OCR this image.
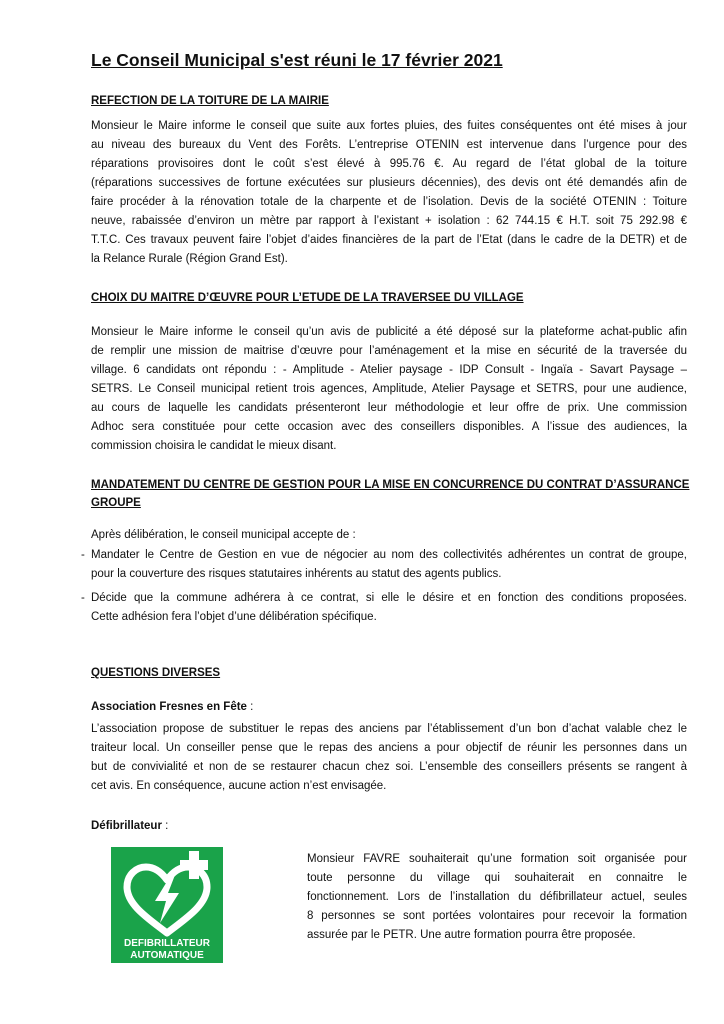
Le Conseil Municipal s'est réuni le 17 février 2021
REFECTION DE LA TOITURE DE LA MAIRIE
Monsieur le Maire informe le conseil que suite aux fortes pluies, des fuites conséquentes ont été mises à jour
au niveau des bureaux du Vent des Forêts. L’entreprise OTENIN est intervenue dans l’urgence pour des
réparations provisoires dont le coût s’est élevé à 995.76 €. Au regard de l’état global de la toiture
(réparations successives de fortune exécutées sur plusieurs décennies), des devis ont été demandés afin de
faire procéder à la rénovation totale de la charpente et de l’isolation. Devis de la société OTENIN : Toiture
neuve, rabaissée d’environ un mètre par rapport à l’existant + isolation : 62 744.15 € H.T. soit 75 292.98 €
T.T.C. Ces travaux peuvent faire l’objet d’aides financières de la part de l’Etat (dans le cadre de la DETR) et de
la Relance Rurale (Région Grand Est).
CHOIX DU MAITRE D’ŒUVRE POUR L’ETUDE DE LA TRAVERSEE DU VILLAGE
Monsieur le Maire informe le conseil qu’un avis de publicité a été déposé sur la plateforme achat-public afin
de remplir une mission de maitrise d’œuvre pour l’aménagement et la mise en sécurité de la traversée du
village. 6 candidats ont répondu : - Amplitude - Atelier paysage - IDP Consult - Ingaïa - Savart Paysage –
SETRS. Le Conseil municipal retient trois agences, Amplitude, Atelier Paysage et SETRS, pour une audience,
au cours de laquelle les candidats présenteront leur méthodologie et leur offre de prix. Une commission
Adhoc sera constituée pour cette occasion avec des conseillers disponibles. A l’issue des audiences, la
commission choisira le candidat le mieux disant.
MANDATEMENT DU CENTRE DE GESTION POUR LA MISE EN CONCURRENCE DU CONTRAT D’ASSURANCE
GROUPE
Après délibération, le conseil municipal accepte de :
- Mandater le Centre de Gestion en vue de négocier au nom des collectivités adhérentes un contrat de groupe,
pour la couverture des risques statutaires inhérents au statut des agents publics.
- Décide que la commune adhérera à ce contrat, si elle le désire et en fonction des conditions proposées.
Cette adhésion fera l’objet d’une délibération spécifique.
QUESTIONS DIVERSES
Association Fresnes en Fête :
L’association propose de substituer le repas des anciens par l’établissement d’un bon d’achat valable chez le
traiteur local. Un conseiller pense que le repas des anciens a pour objectif de réunir les personnes dans un
but de convivialité et non de se restaurer chacun chez soi. L’ensemble des conseillers présents se rangent à
cet avis. En conséquence, aucune action n’est envisagée.
Défibrillateur :
DEFIBRILLATEUR
AUTOMATIQUE
Monsieur FAVRE souhaiterait qu’une formation soit organisée pour
toute personne du village qui souhaiterait en connaitre le
fonctionnement. Lors de l’installation du défibrillateur actuel, seules
8 personnes se sont portées volontaires pour recevoir la formation
assurée par le PETR. Une autre formation pourra être proposée.
